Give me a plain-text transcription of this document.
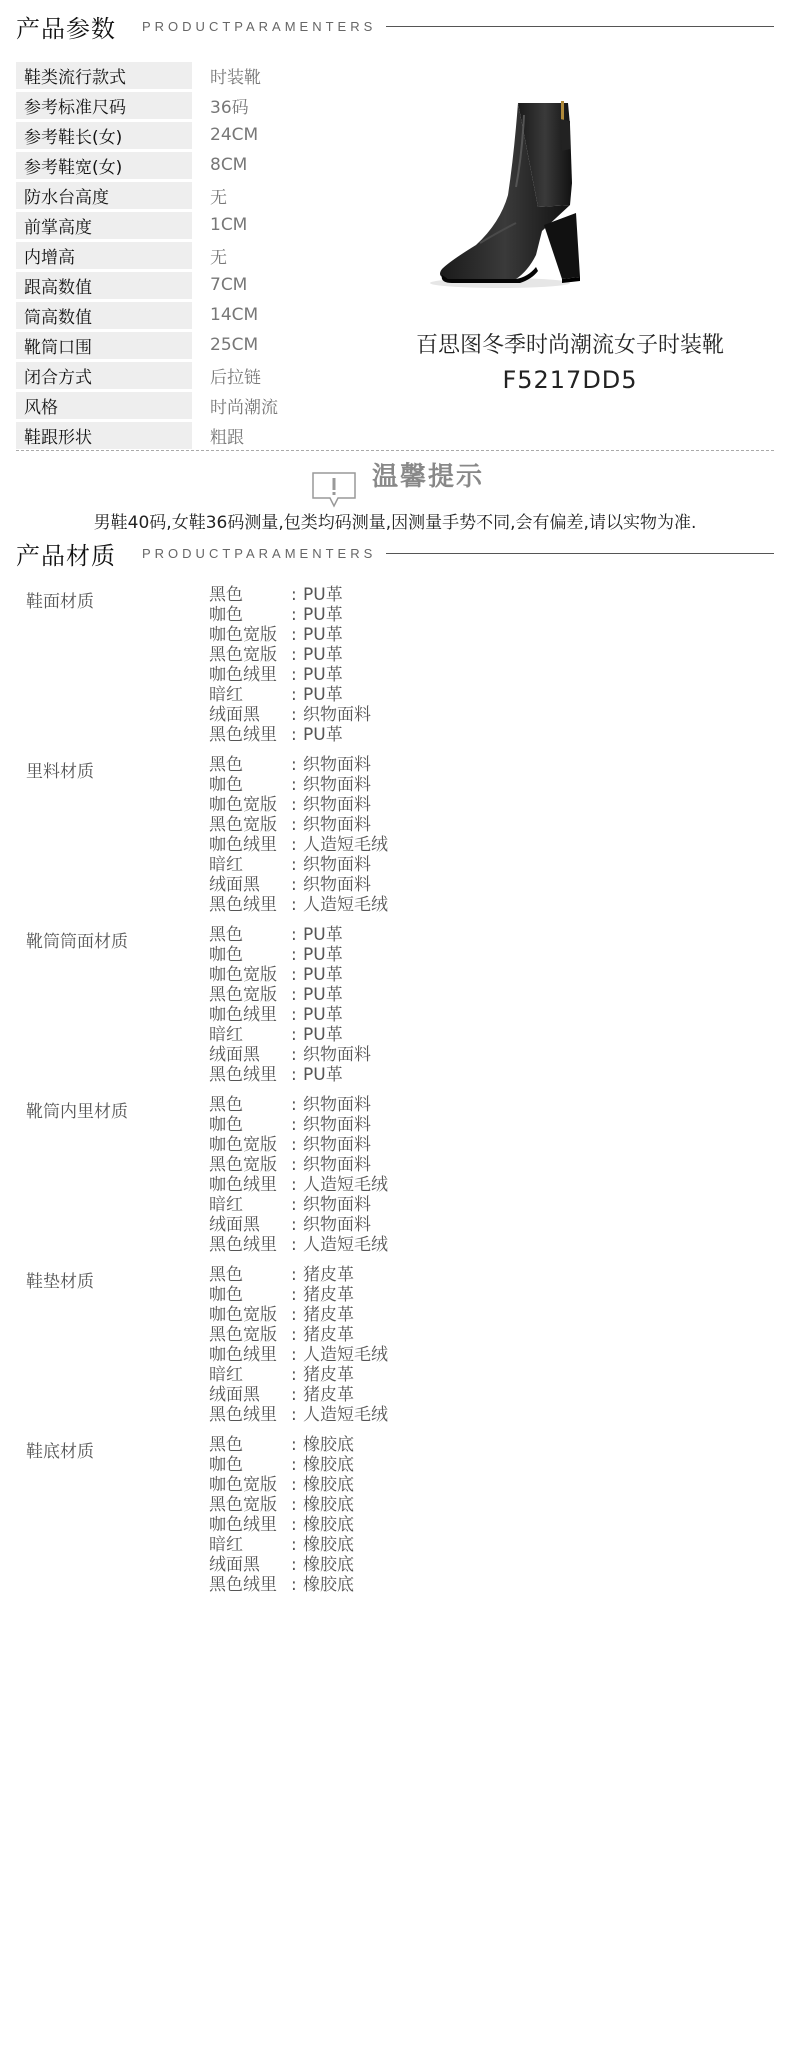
产品参数 PRODUCTPARAMENTERS
鞋类流行款式	时装靴
参考标准尺码	36码
参考鞋长(女)	24CM
参考鞋宽(女)	8CM
防水台高度	无
前掌高度	1CM
内增高	无
跟高数值	7CM
筒高数值	14CM
靴筒口围	25CM
闭合方式	后拉链
风格	时尚潮流
鞋跟形状	粗跟
百思图冬季时尚潮流女子时装靴
F5217DD5
温馨提示
男鞋40码,女鞋36码测量,包类均码测量,因测量手势不同,会有偏差,请以实物为准.
产品材质 PRODUCTPARAMENTERS
鞋面材质	黑色	: PU革
咖色	: PU革
咖色宽版 : PU革
黑色宽版 : PU革
咖色绒里 : PU革
暗红	: PU革
绒面黑	: 织物面料
黑色绒里 : PU革
里料材质	黑色	: 织物面料
咖色	: 织物面料
咖色宽版 : 织物面料
黑色宽版 : 织物面料
咖色绒里 : 人造短毛绒
暗红	: 织物面料
绒面黑	: 织物面料
黑色绒里 : 人造短毛绒
靴筒筒面材质	黑色	: PU革
咖色	: PU革
咖色宽版 : PU革
黑色宽版 : PU革
咖色绒里 : PU革
暗红	: PU革
绒面黑	: 织物面料
黑色绒里 : PU革
靴筒内里材质	黑色	: 织物面料
咖色	: 织物面料
咖色宽版 : 织物面料
黑色宽版 : 织物面料
咖色绒里 : 人造短毛绒
暗红	: 织物面料
绒面黑	: 织物面料
黑色绒里 : 人造短毛绒
鞋垫材质	黑色	: 猪皮革
咖色	: 猪皮革
咖色宽版 : 猪皮革
黑色宽版 : 猪皮革
咖色绒里 : 人造短毛绒
暗红	: 猪皮革
绒面黑	: 猪皮革
黑色绒里 : 人造短毛绒
鞋底材质	黑色	: 橡胶底
咖色	: 橡胶底
咖色宽版 : 橡胶底
黑色宽版 : 橡胶底
咖色绒里 : 橡胶底
暗红	: 橡胶底
绒面黑	: 橡胶底
黑色绒里 : 橡胶底
